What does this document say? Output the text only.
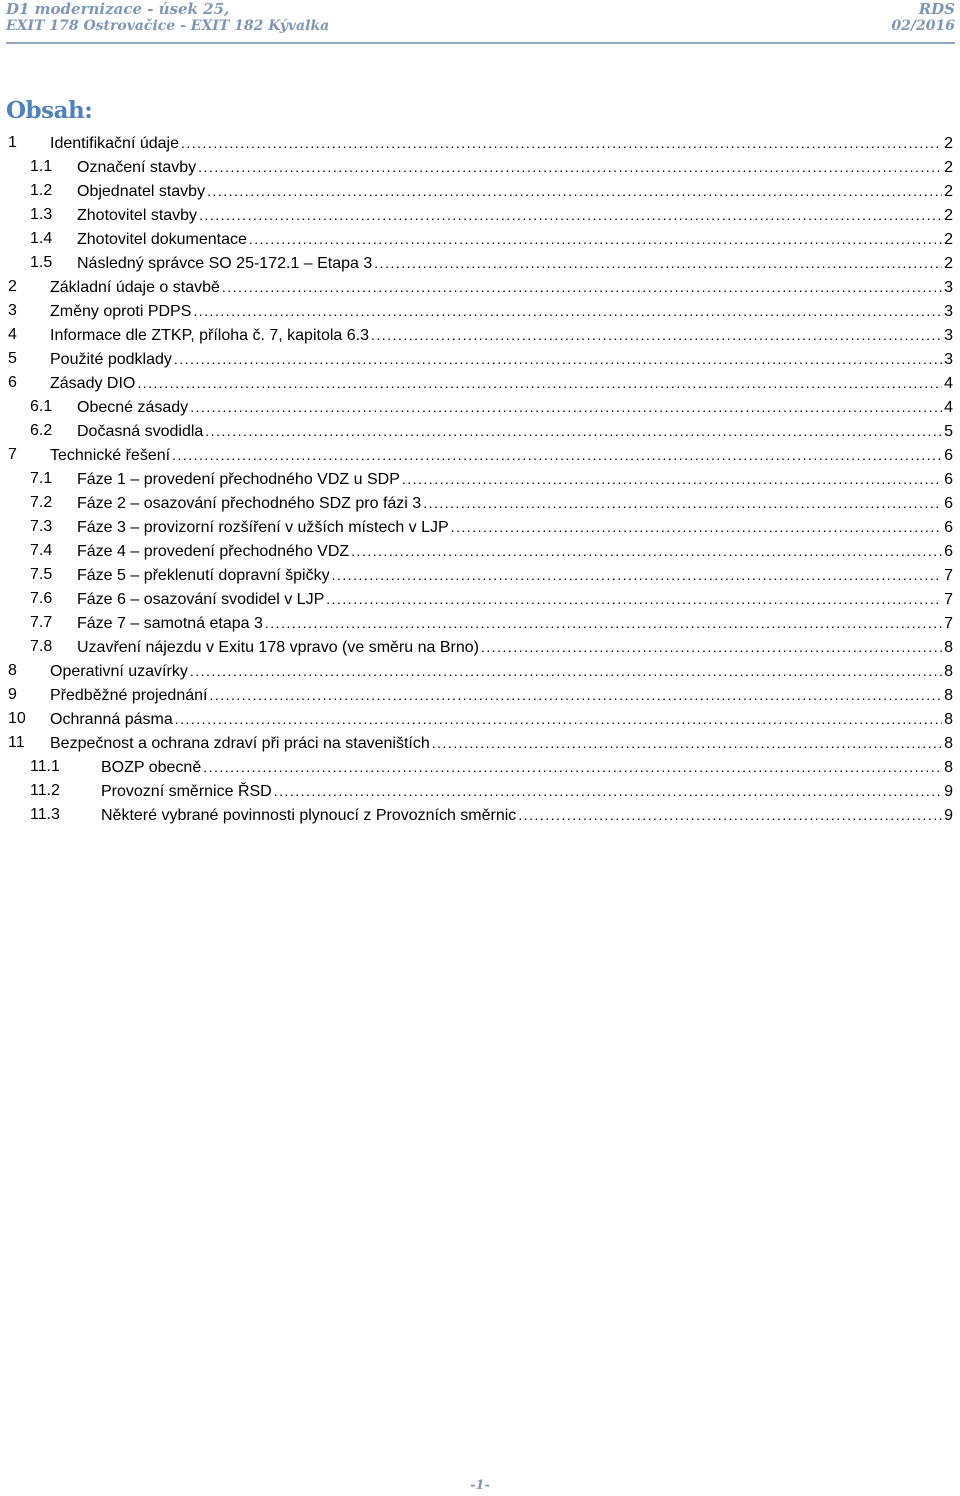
D1 modernizace - úsek 25,
EXIT 178 Ostrovačice - EXIT 182 Kývalka
RDS
02/2016
Obsah:
1 Identifikační údaje .....	2
1.1 Označení stavby .....	2
1.2 Objednatel stavby .....	2
1.3 Zhotovitel stavby .....	2
1.4 Zhotovitel dokumentace .....	2
1.5 Následný správce SO 25-172.1 – Etapa 3 .....	2
2 Základní údaje o stavbě .....	3
3 Změny oproti PDPS .....	3
4 Informace dle ZTKP, příloha č. 7, kapitola 6.3 .....	3
5 Použité podklady .....	3
6 Zásady DIO .....	4
6.1 Obecné zásady .....	4
6.2 Dočasná svodidla .....	5
7 Technické řešení .....	6
7.1 Fáze 1 – provedení přechodného VDZ u SDP .....	6
7.2 Fáze 2 – osazování přechodného SDZ pro fázi 3 .....	6
7.3 Fáze 3 – provizorní rozšíření v užších místech v LJP .....	6
7.4 Fáze 4 – provedení přechodného VDZ .....	6
7.5 Fáze 5 – překlenutí dopravní špičky .....	7
7.6 Fáze 6 – osazování svodidel v LJP .....	7
7.7 Fáze 7 – samotná etapa 3 .....	7
7.8 Uzavření nájezdu v Exitu 178 vpravo (ve směru na Brno) .....	8
8 Operativní uzavírky .....	8
9 Předběžné projednání .....	8
10 Ochranná pásma .....	8
11 Bezpečnost a ochrana zdraví při práci na staveništích .....	8
11.1	BOZP obecně .....	8
11.2	Provozní směrnice ŘSD .....	9
11.3	Některé vybrané povinnosti plynoucí z Provozních směrnic .....	9
-1-
